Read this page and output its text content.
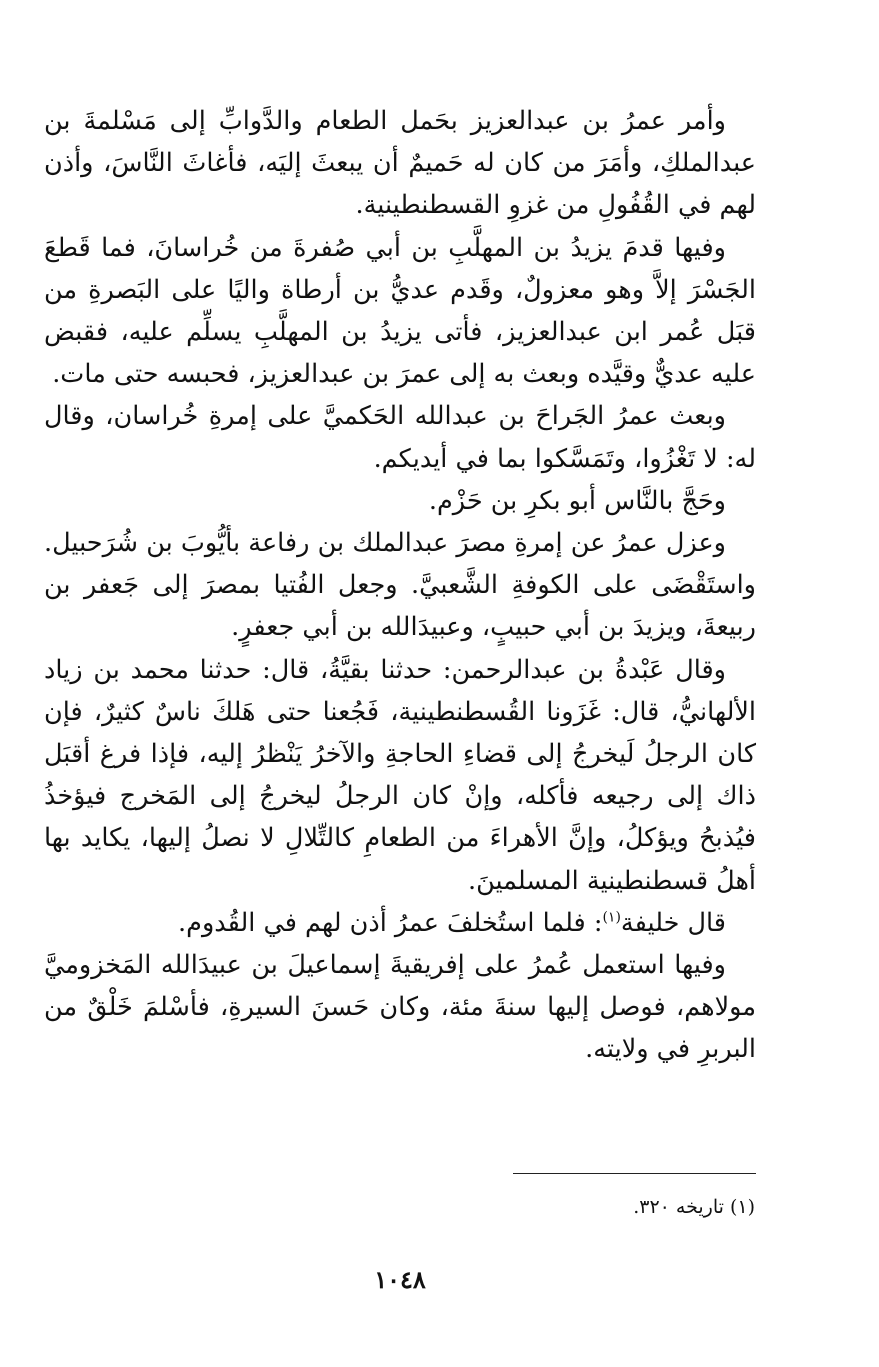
وأمر عمرُ بن عبدالعزيز بحَمل الطعام والدَّوابِّ إلى مَسْلمةَ بن عبدالملكِ، وأمَرَ من كان له حَميمٌ أن يبعثَ إليَه، فأغاثَ النَّاسَ، وأذن لهم في القُفُولِ من غزوِ القسطنطينية.

وفيها قدمَ يزيدُ بن المهلَّبِ بن أبي صُفرةَ من خُراسانَ، فما قَطعَ الجَسْرَ إلاَّ وهو معزولٌ، وقَدم عديُّ بن أرطاة واليًا على البَصرةِ من قبَل عُمر ابن عبدالعزيز، فأتى يزيدُ بن المهلَّبِ يسلِّم عليه، فقبض عليه عديٌّ وقيَّده وبعث به إلى عمرَ بن عبدالعزيز، فحبسه حتى مات.

وبعث عمرُ الجَراحَ بن عبدالله الحَكميَّ على إمرةِ خُراسان، وقال له: لا تَغْزُوا، وتَمَسَّكوا بما في أيديكم.

وحَجَّ بالنَّاس أبو بكرِ بن حَزْم.

وعزل عمرُ عن إمرةِ مصرَ عبدالملك بن رفاعة بأيُّوبَ بن شُرَحبيل. واستَقْضَى على الكوفةِ الشَّعبيَّ. وجعل الفُتيا بمصرَ إلى جَعفر بن ربيعةَ، ويزيدَ بن أبي حبيبٍ، وعبيدَالله بن أبي جعفرٍ.

وقال عَبْدةُ بن عبدالرحمن: حدثنا بقيَّةُ، قال: حدثنا محمد بن زياد الألهانيُّ، قال: غَزَونا القُسطنطينية، فَجُعنا حتى هَلكَ ناسٌ كثيرٌ، فإن كان الرجلُ لَيخرجُ إلى قضاءِ الحاجةِ والآخرُ يَنْظرُ إليه، فإذا فرغ أقبَل ذاك إلى رجيعه فأكله، وإنْ كان الرجلُ ليخرجُ إلى المَخرج فيؤخذُ فيُذبحُ ويؤكلُ، وإنَّ الأهراءَ من الطعامِ كالتِّلالِ لا نصلُ إليها، يكايد بها أهلُ قسطنطينية المسلمينَ.

قال خليفة$^{(١)}$: فلما استُخلفَ عمرُ أذن لهم في القُدوم.

وفيها استعمل عُمرُ على إفريقيةَ إسماعيلَ بن عبيدَالله المَخزوميَّ مولاهم، فوصل إليها سنةَ مئة، وكان حَسنَ السيرةِ، فأسْلمَ خَلْقٌ من البربرِ في ولايته.

(١) تاريخه ٣٢٠.
١٠٤٨
